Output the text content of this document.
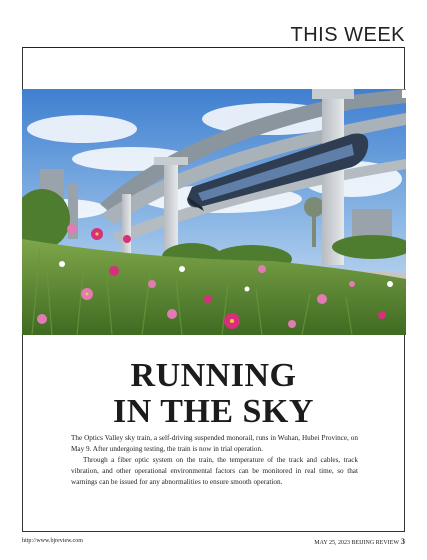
THIS WEEK
RUNNING
IN THE SKY

The Optics Valley sky train, a self-driving suspended monorail, runs in Wuhan, Hubei Province, on May 9. After undergoing testing, the train is now in trial operation.

Through a fiber optic system on the train, the temperature of the track and cables, track vibration, and other operational environmental factors can be monitored in real time, so that warnings can be issued for any abnormalities to ensure smooth operation.

http://www.bjreview.com	MAY 25, 2023 BEIJING REVIEW 3
